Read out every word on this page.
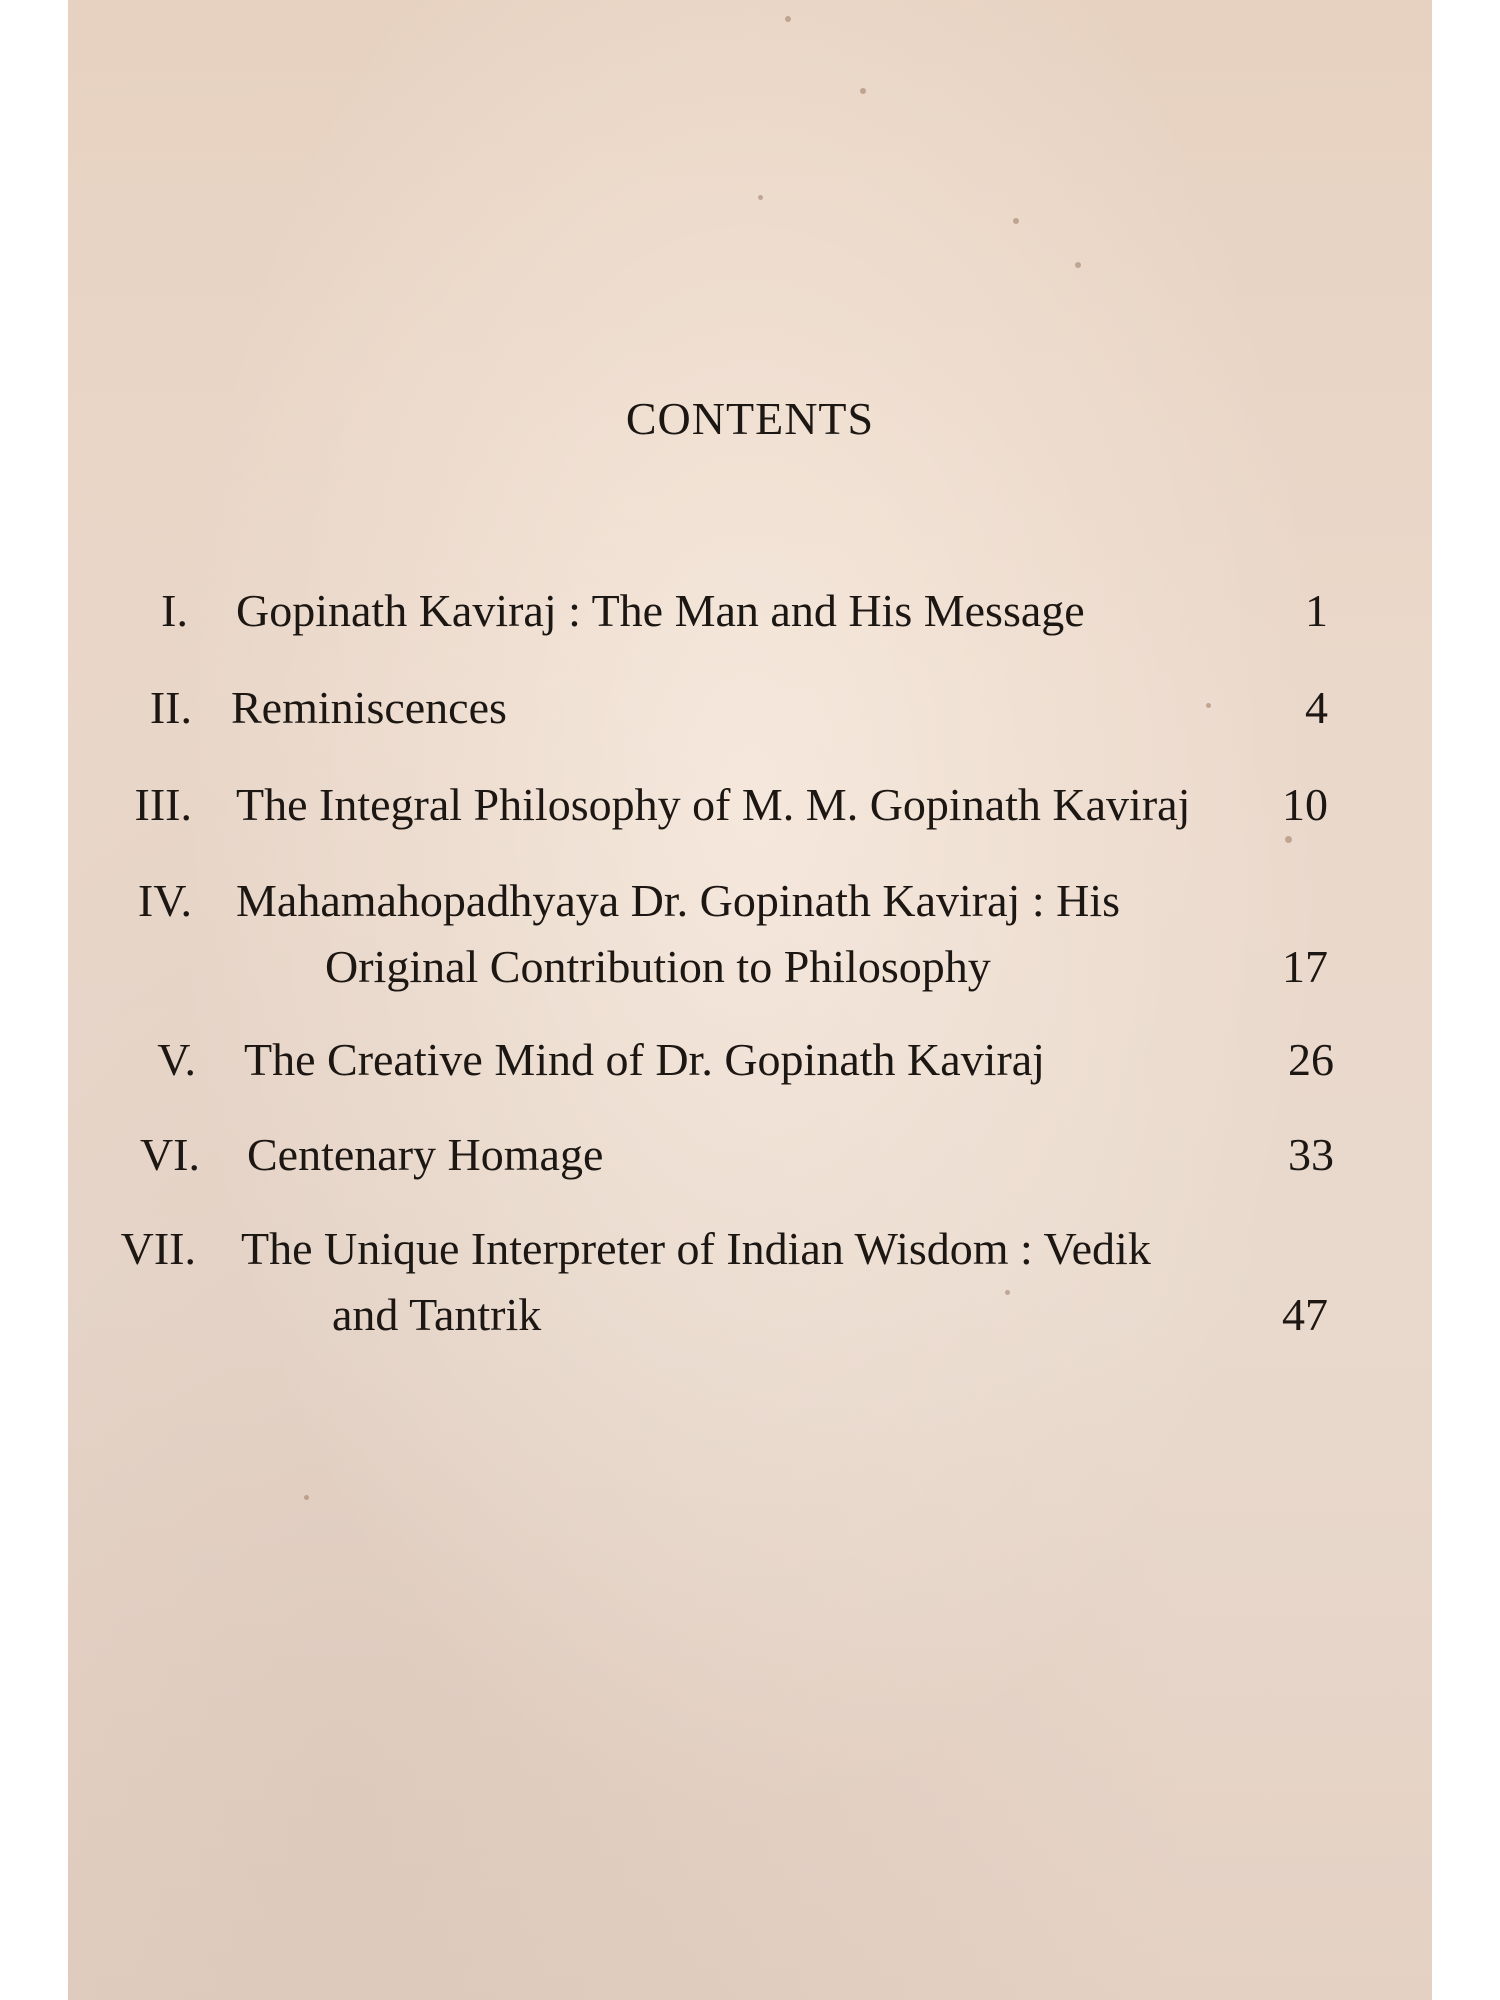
CONTENTS
I. Gopinath Kaviraj : The Man and His Message	1
II. Reminiscences	4
III. The Integral Philosophy of M. M. Gopinath Kaviraj	10
IV. Mahamahopadhyaya Dr. Gopinath Kaviraj : His
Original Contribution to Philosophy	17
V. The Creative Mind of Dr. Gopinath Kaviraj	26
VI. Centenary Homage	33
VII. The Unique Interpreter of Indian Wisdom : Vedik
and Tantrik	47
